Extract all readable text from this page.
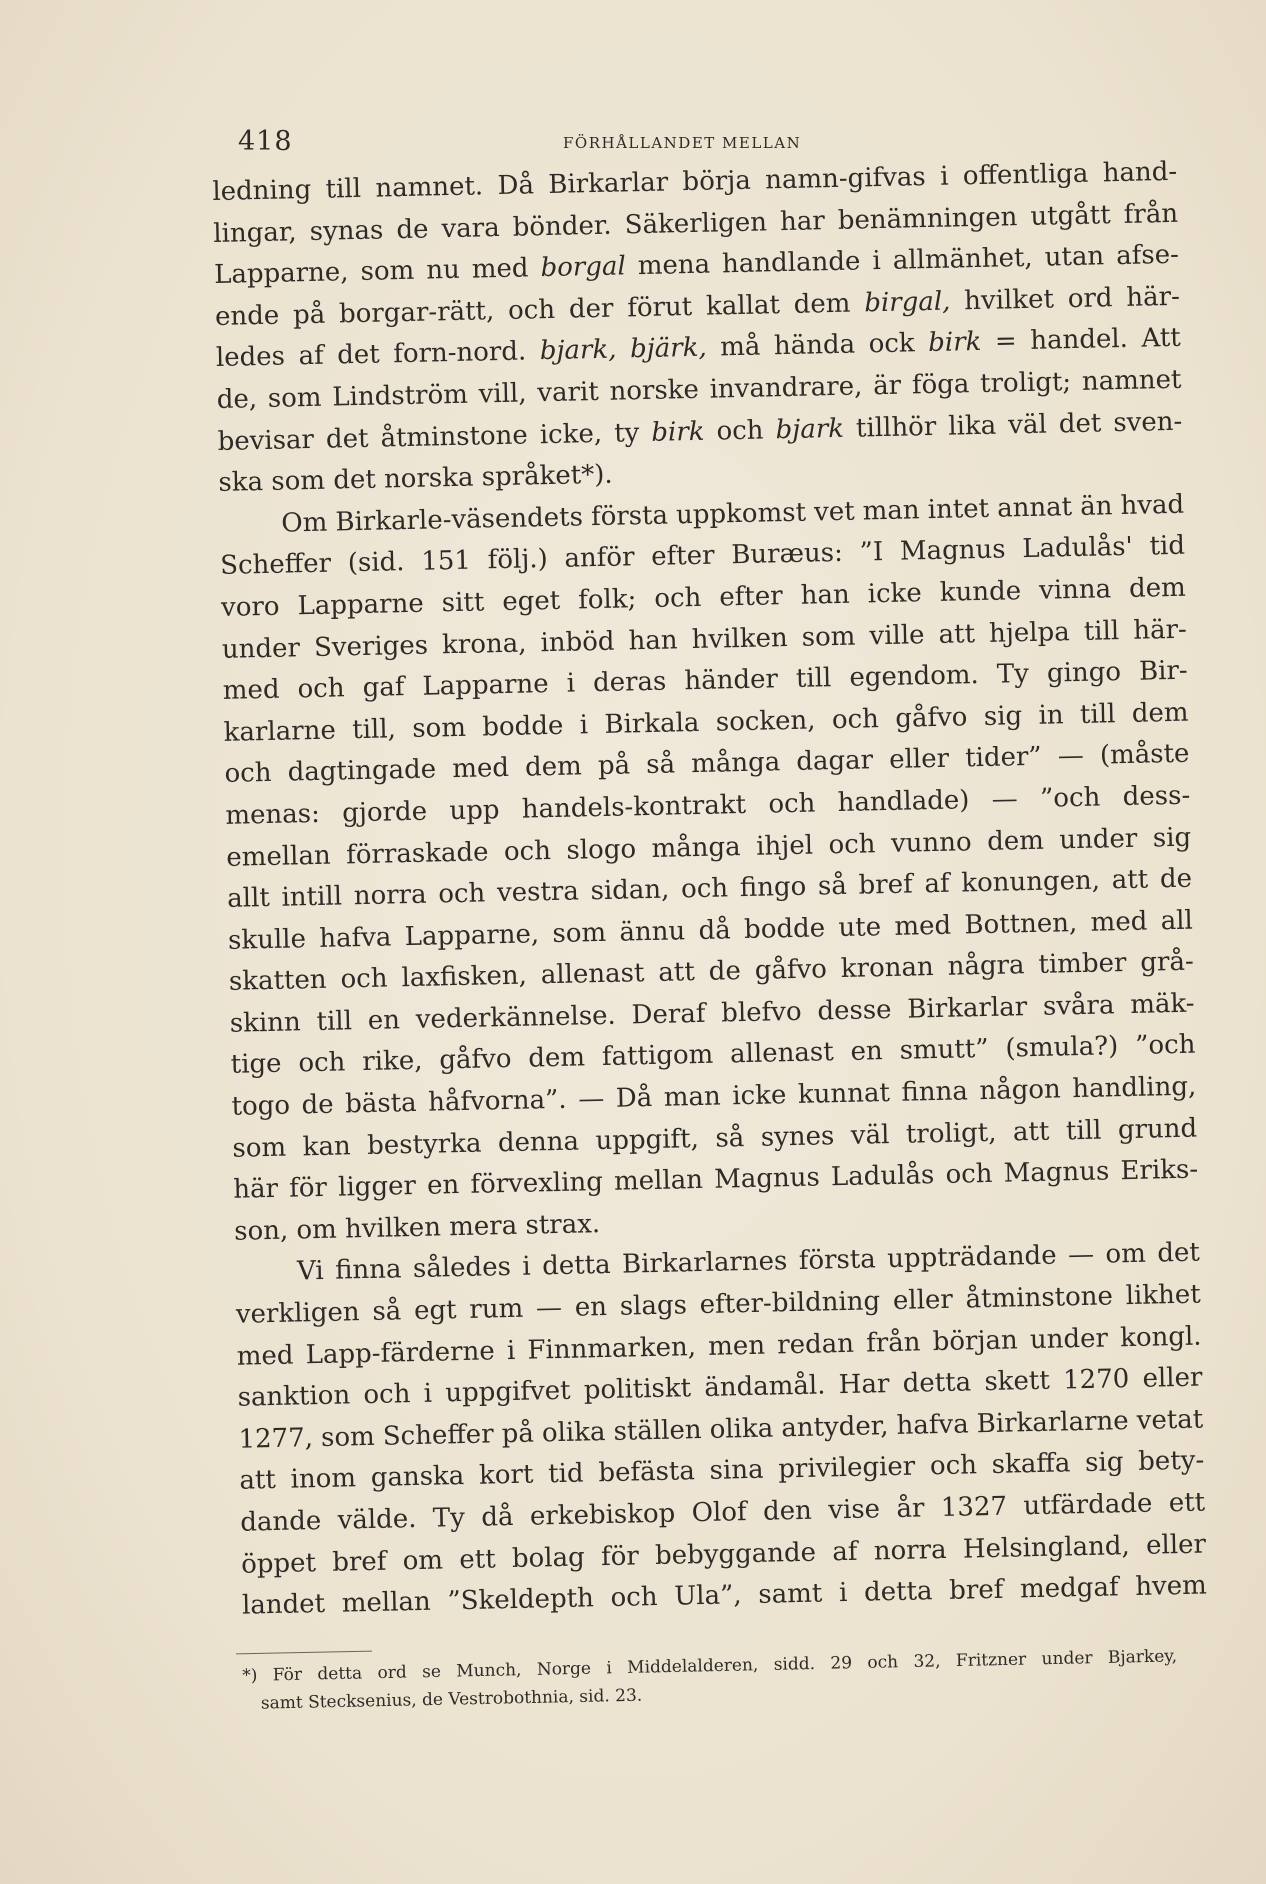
418	FÖRHÅLLANDET MELLAN
ledning till namnet. Då Birkarlar börja namn-gifvas i offentliga hand-
lingar, synas de vara bönder. Säkerligen har benämningen utgått från
Lapparne, som nu med borgal mena handlande i allmänhet, utan afse-
ende på borgar-rätt, och der förut kallat dem birgal, hvilket ord här-
ledes af det forn-nord. bjark, bjärk, må hända ock birk = handel. Att
de, som Lindström vill, varit norske invandrare, är föga troligt; namnet
bevisar det åtminstone icke, ty birk och bjark tillhör lika väl det sven-
ska som det norska språket*).
Om Birkarle-väsendets första uppkomst vet man intet annat än hvad
Scheffer (sid. 151 följ.) anför efter Buræus: ”I Magnus Ladulås' tid
voro Lapparne sitt eget folk; och efter han icke kunde vinna dem
under Sveriges krona, inböd han hvilken som ville att hjelpa till här-
med och gaf Lapparne i deras händer till egendom. Ty gingo Bir-
karlarne till, som bodde i Birkala socken, och gåfvo sig in till dem
och dagtingade med dem på så många dagar eller tider” — (måste
menas: gjorde upp handels-kontrakt och handlade) — ”och dess-
emellan förraskade och slogo många ihjel och vunno dem under sig
allt intill norra och vestra sidan, och fingo så bref af konungen, att de
skulle hafva Lapparne, som ännu då bodde ute med Bottnen, med all
skatten och laxfisken, allenast att de gåfvo kronan några timber grå-
skinn till en vederkännelse. Deraf blefvo desse Birkarlar svåra mäk-
tige och rike, gåfvo dem fattigom allenast en smutt” (smula?) ”och
togo de bästa håfvorna”. — Då man icke kunnat finna någon handling,
som kan bestyrka denna uppgift, så synes väl troligt, att till grund
här för ligger en förvexling mellan Magnus Ladulås och Magnus Eriks-
son, om hvilken mera strax.
Vi finna således i detta Birkarlarnes första uppträdande — om det
verkligen så egt rum — en slags efter-bildning eller åtminstone likhet
med Lapp-färderne i Finnmarken, men redan från början under kongl.
sanktion och i uppgifvet politiskt ändamål. Har detta skett 1270 eller
1277, som Scheffer på olika ställen olika antyder, hafva Birkarlarne vetat
att inom ganska kort tid befästa sina privilegier och skaffa sig bety-
dande välde. Ty då erkebiskop Olof den vise år 1327 utfärdade ett
öppet bref om ett bolag för bebyggande af norra Helsingland, eller
landet mellan ”Skeldepth och Ula”, samt i detta bref medgaf hvem
*) För detta ord se Munch, Norge i Middelalderen, sidd. 29 och 32, Fritzner under Bjarkey,
samt Stecksenius, de Vestrobothnia, sid. 23.
